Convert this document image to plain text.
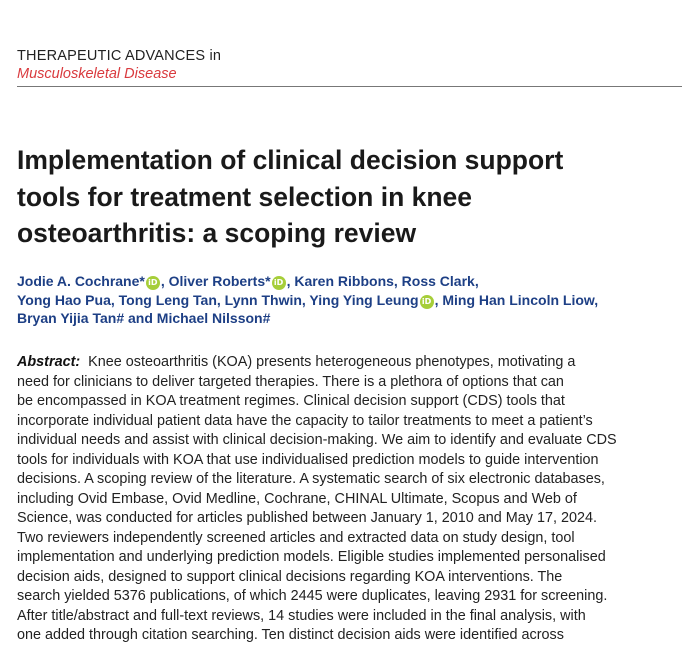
THERAPEUTIC ADVANCES in
Musculoskeletal Disease
Implementation of clinical decision support
tools for treatment selection in knee
osteoarthritis: a scoping review
Jodie A. Cochrane* iD , Oliver Roberts* iD , Karen Ribbons, Ross Clark,
Yong Hao Pua, Tong Leng Tan, Lynn Thwin, Ying Ying Leung iD , Ming Han Lincoln Liow,
Bryan Yijia Tan# and Michael Nilsson#
Abstract:  Knee osteoarthritis (KOA) presents heterogeneous phenotypes, motivating a
need for clinicians to deliver targeted therapies. There is a plethora of options that can
be encompassed in KOA treatment regimes. Clinical decision support (CDS) tools that
incorporate individual patient data have the capacity to tailor treatments to meet a patient’s
individual needs and assist with clinical decision-making. We aim to identify and evaluate CDS
tools for individuals with KOA that use individualised prediction models to guide intervention
decisions. A scoping review of the literature. A systematic search of six electronic databases,
including Ovid Embase, Ovid Medline, Cochrane, CHINAL Ultimate, Scopus and Web of
Science, was conducted for articles published between January 1, 2010 and May 17, 2024.
Two reviewers independently screened articles and extracted data on study design, tool
implementation and underlying prediction models. Eligible studies implemented personalised
decision aids, designed to support clinical decisions regarding KOA interventions. The
search yielded 5376 publications, of which 2445 were duplicates, leaving 2931 for screening.
After title/abstract and full-text reviews, 14 studies were included in the final analysis, with
one added through citation searching. Ten distinct decision aids were identified across
